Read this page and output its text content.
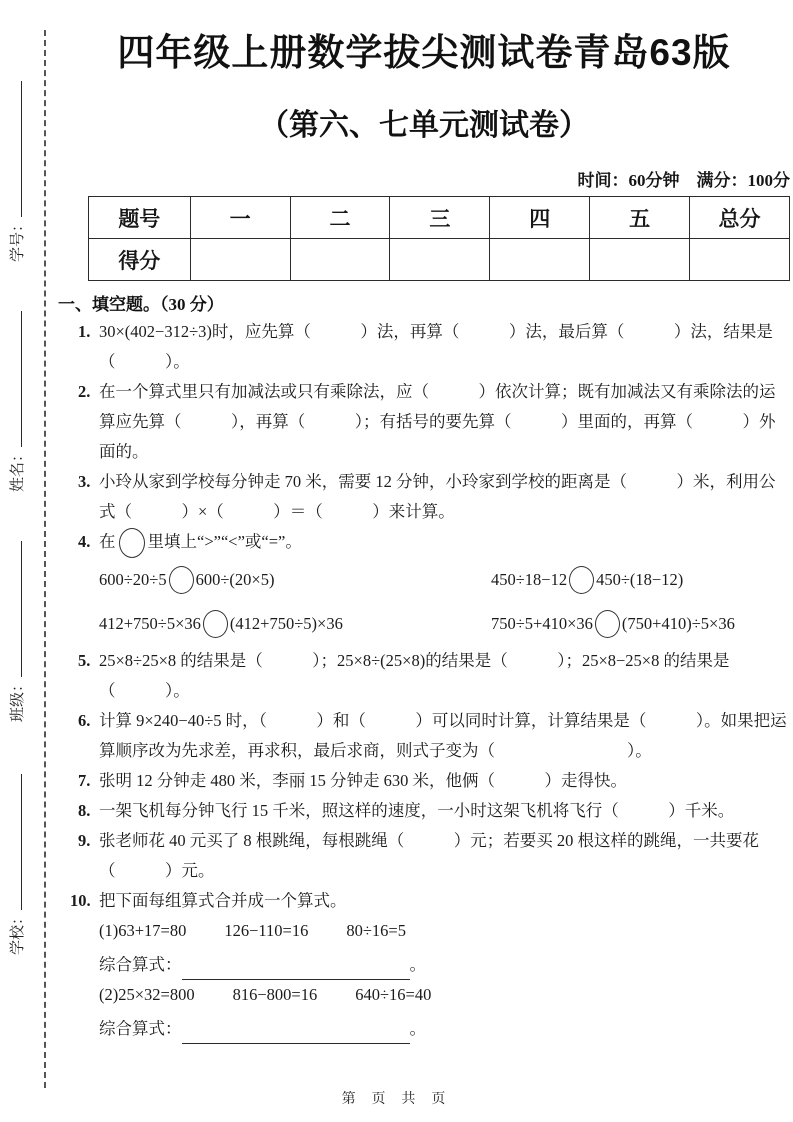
学号：
姓名：
班级：
学校：
四年级上册数学拔尖测试卷青岛63版
（第六、七单元测试卷）
时间：60分钟　满分：100分
题号	一	二	三	四	五	总分
得分						
一、填空题。（30 分）
1. 30×(402−312÷3)时，应先算（　　　）法，再算（　　　）法，最后算（　　　）法，结果是（　　　）。
2. 在一个算式里只有加减法或只有乘除法，应（　　　）依次计算；既有加减法又有乘除法的运算应先算（　　　），再算（　　　）；有括号的要先算（　　　）里面的，再算（　　　）外面的。
3. 小玲从家到学校每分钟走 70 米，需要 12 分钟，小玲家到学校的距离是（　　　）米，利用公式（　　　）×（　　　）＝（　　　）来计算。
4. 在 里填上“>”“<”或“=”。
600÷20÷5 600÷(20×5)	450÷18−12 450÷(18−12)
412+750÷5×36 (412+750÷5)×36	750÷5+410×36 (750+410)÷5×36
5. 25×8÷25×8 的结果是（　　　）；25×8÷(25×8)的结果是（　　　）；25×8−25×8 的结果是（　　　）。
6. 计算 9×240−40÷5 时，（　　　）和（　　　）可以同时计算，计算结果是（　　　）。如果把运算顺序改为先求差，再求积，最后求商，则式子变为（　　　　　　　　）。
7. 张明 12 分钟走 480 米，李丽 15 分钟走 630 米，他俩（　　　）走得快。
8. 一架飞机每分钟飞行 15 千米，照这样的速度，一小时这架飞机将飞行（　　　）千米。
9. 张老师花 40 元买了 8 根跳绳，每根跳绳（　　　）元；若要买 20 根这样的跳绳，一共要花（　　　）元。
10. 把下面每组算式合并成一个算式。
(1)63+17=80 126−110=16 80÷16=5
综合算式：	。
(2)25×32=800 816−800=16 640÷16=40
综合算式：	。
第 页 共 页
